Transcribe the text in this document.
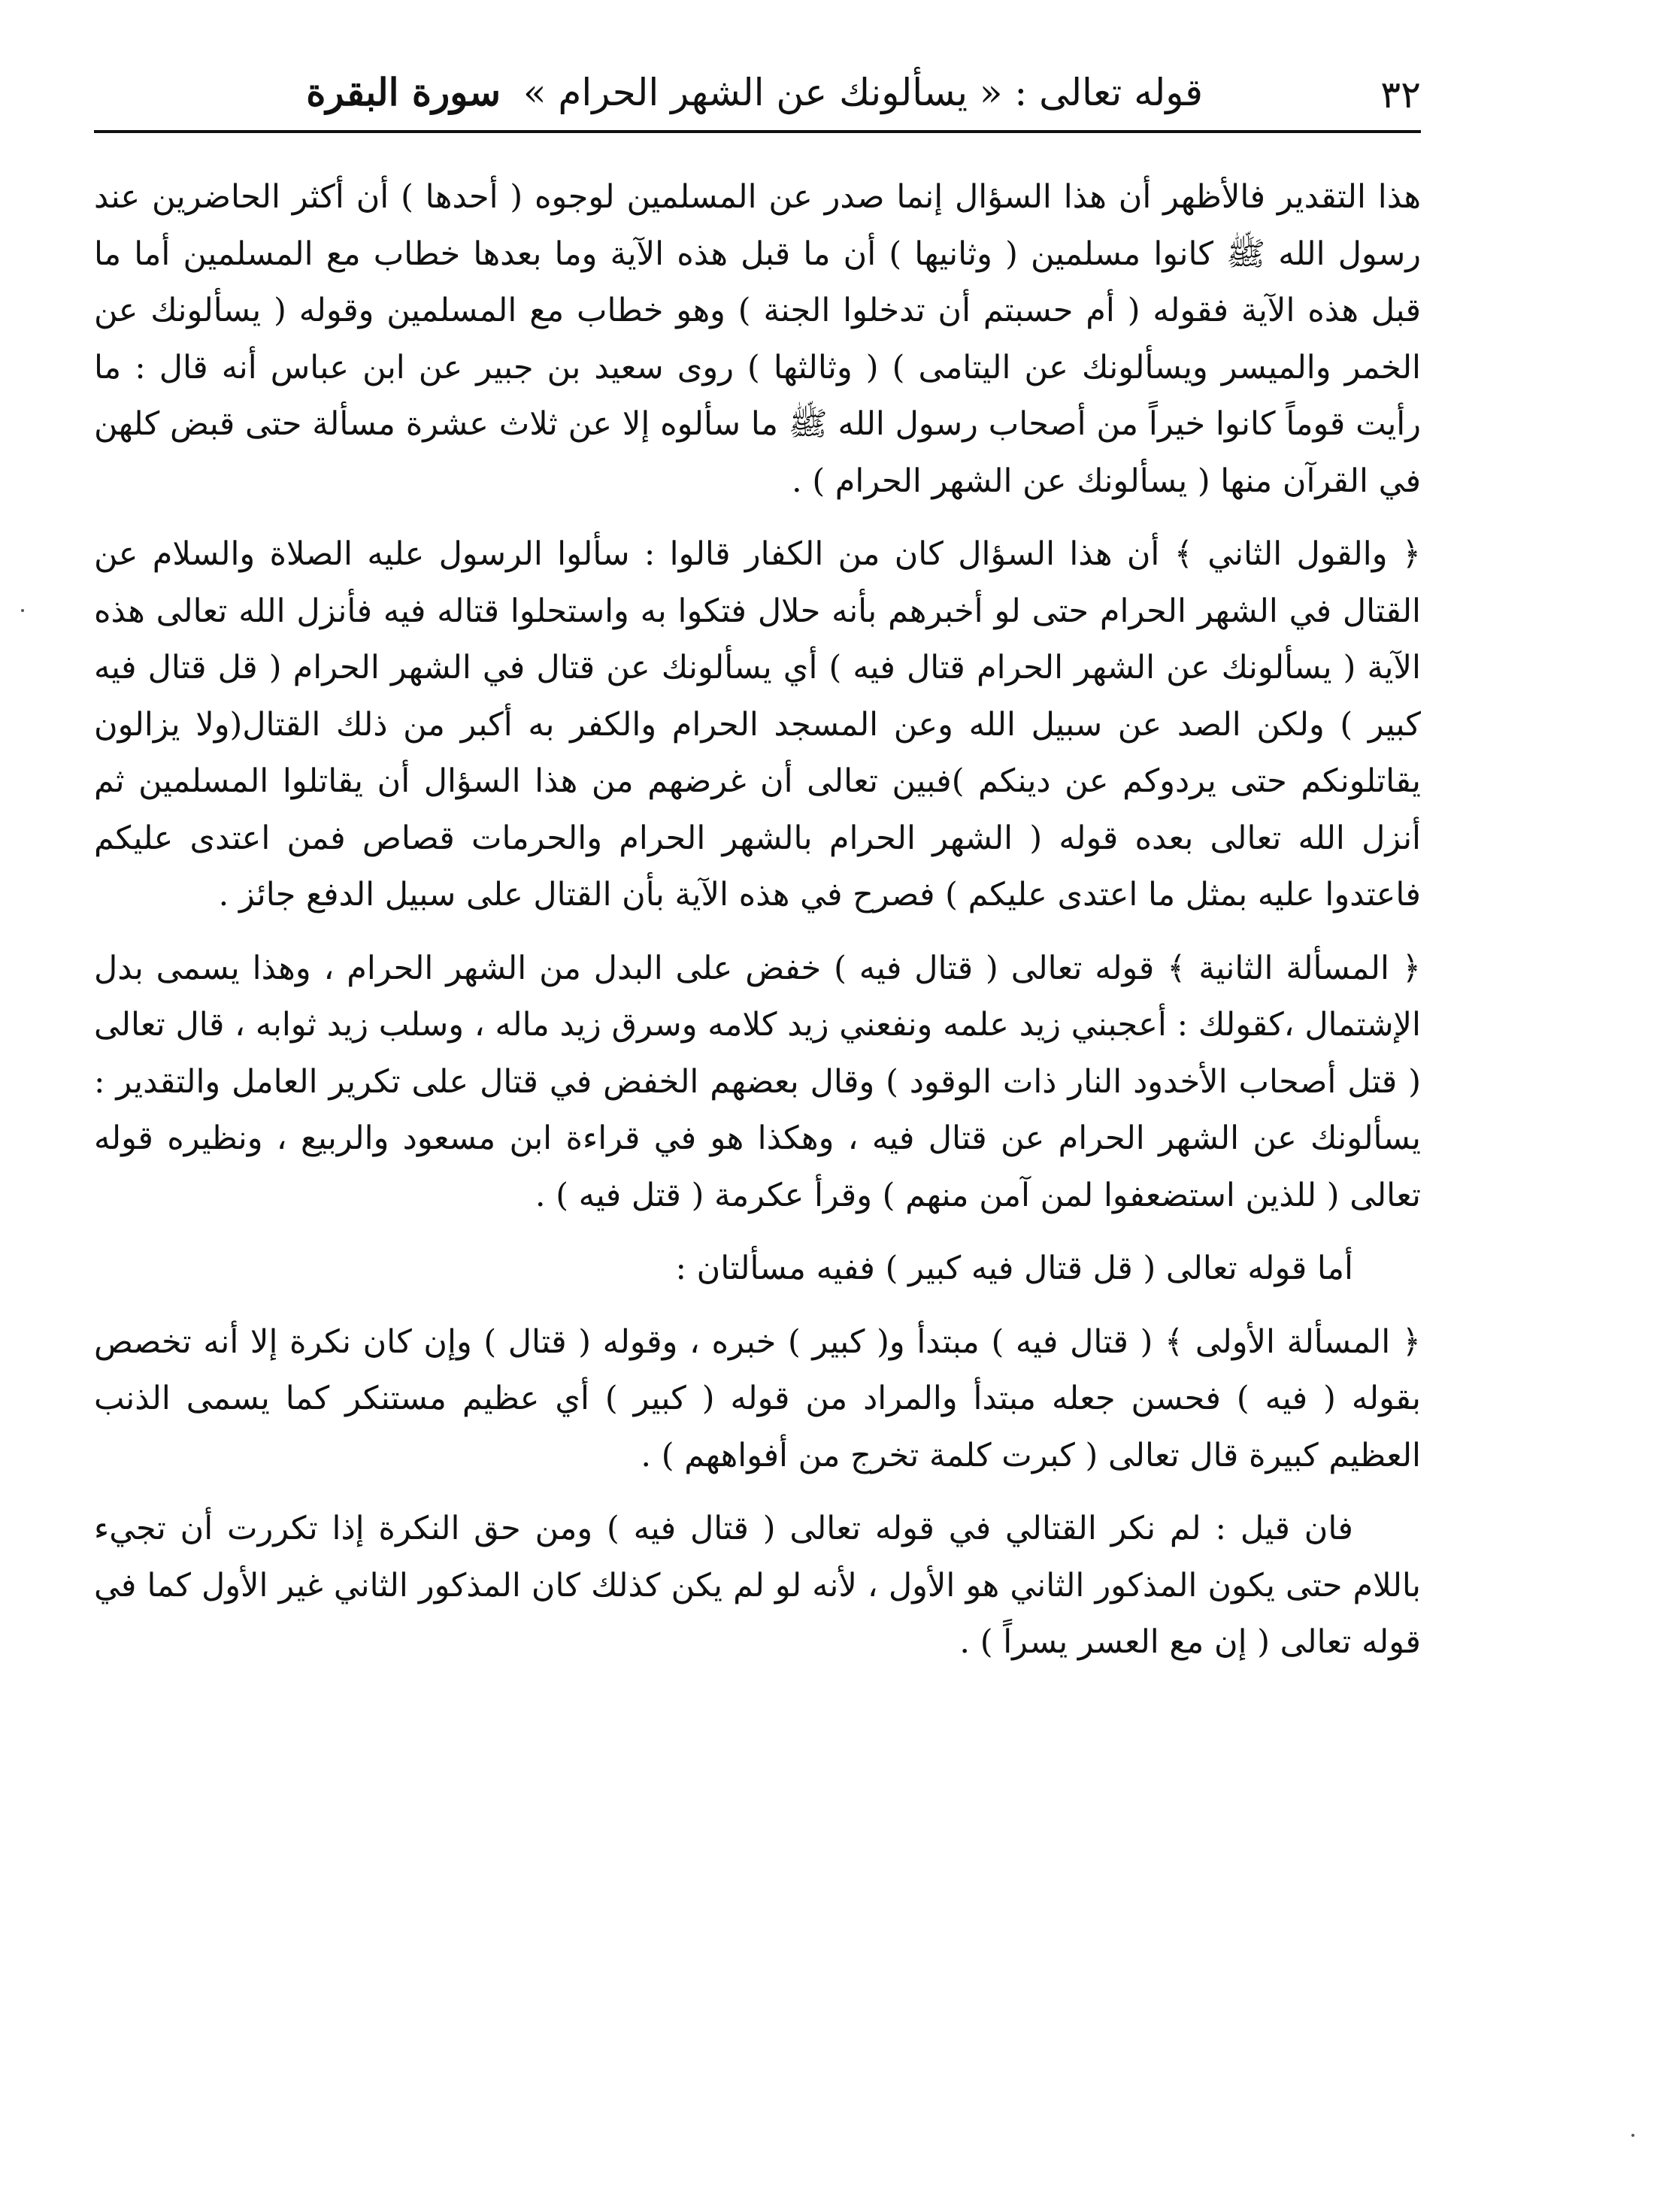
٣٢
قوله تعالى : « يسألونك عن الشهر الحرام » سورة البقرة

هذا التقدير فالأظهر أن هذا السؤال إنما صدر عن المسلمين لوجوه ( أحدها ) أن أكثر الحاضرين عند رسول الله ﷺ كانوا مسلمين ( وثانيها ) أن ما قبل هذه الآية وما بعدها خطاب مع المسلمين أما ما قبل هذه الآية فقوله ( أم حسبتم أن تدخلوا الجنة ) وهو خطاب مع المسلمين وقوله ( يسألونك عن الخمر والميسر ويسألونك عن اليتامى ) ( وثالثها ) روى سعيد بن جبير عن ابن عباس أنه قال : ما رأيت قوماً كانوا خيراً من أصحاب رسول الله ﷺ ما سألوه إلا عن ثلاث عشرة مسألة حتى قبض كلهن في القرآن منها ( يسألونك عن الشهر الحرام ) .

﴿ والقول الثاني ﴾ أن هذا السؤال كان من الكفار قالوا : سألوا الرسول عليه الصلاة والسلام عن القتال في الشهر الحرام حتى لو أخبرهم بأنه حلال فتكوا به واستحلوا قتاله فيه فأنزل الله تعالى هذه الآية ( يسألونك عن الشهر الحرام قتال فيه ) أي يسألونك عن قتال في الشهر الحرام ( قل قتال فيه كبير ) ولكن الصد عن سبيل الله وعن المسجد الحرام والكفر به أكبر من ذلك القتال(ولا يزالون يقاتلونكم حتى يردوكم عن دينكم )فبين تعالى أن غرضهم من هذا السؤال أن يقاتلوا المسلمين ثم أنزل الله تعالى بعده قوله ( الشهر الحرام بالشهر الحرام والحرمات قصاص فمن اعتدى عليكم فاعتدوا عليه بمثل ما اعتدى عليكم ) فصرح في هذه الآية بأن القتال على سبيل الدفع جائز .

﴿ المسألة الثانية ﴾ قوله تعالى ( قتال فيه ) خفض على البدل من الشهر الحرام ، وهذا يسمى بدل الإشتمال ،كقولك : أعجبني زيد علمه ونفعني زيد كلامه وسرق زيد ماله ، وسلب زيد ثوابه ، قال تعالى ( قتل أصحاب الأخدود النار ذات الوقود ) وقال بعضهم الخفض في قتال على تكرير العامل والتقدير : يسألونك عن الشهر الحرام عن قتال فيه ، وهكذا هو في قراءة ابن مسعود والربيع ، ونظيره قوله تعالى ( للذين استضعفوا لمن آمن منهم ) وقرأ عكرمة ( قتل فيه ) .

أما قوله تعالى ( قل قتال فيه كبير ) ففيه مسألتان :

﴿ المسألة الأولى ﴾ ( قتال فيه ) مبتدأ و( كبير ) خبره ، وقوله ( قتال ) وإن كان نكرة إلا أنه تخصص بقوله ( فيه ) فحسن جعله مبتدأ والمراد من قوله ( كبير ) أي عظيم مستنكر كما يسمى الذنب العظيم كبيرة قال تعالى ( كبرت كلمة تخرج من أفواههم ) .

فان قيل : لم نكر القتالي في قوله تعالى ( قتال فيه ) ومن حق النكرة إذا تكررت أن تجيء باللام حتى يكون المذكور الثاني هو الأول ، لأنه لو لم يكن كذلك كان المذكور الثاني غير الأول كما في قوله تعالى ( إن مع العسر يسراً ) .
